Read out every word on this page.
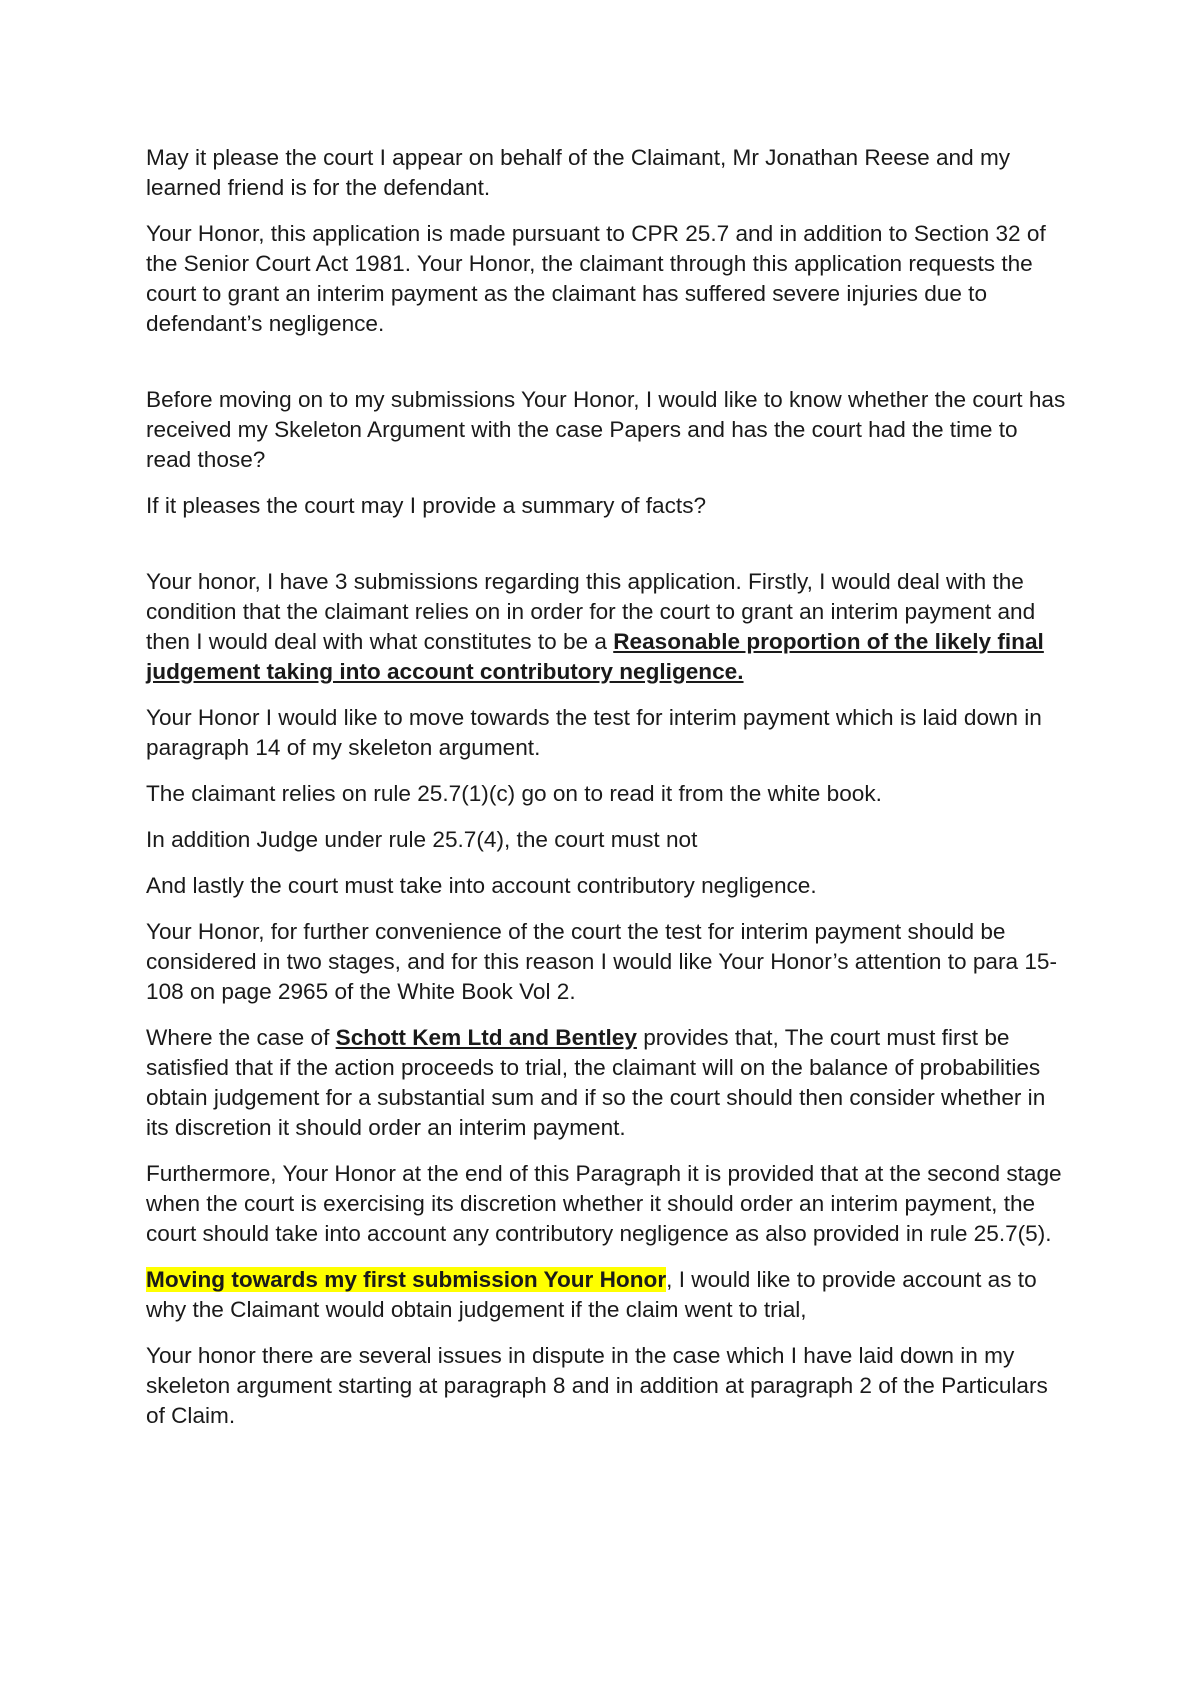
May it please the court I appear on behalf of the Claimant, Mr Jonathan Reese and my learned friend is for the defendant.

Your Honor, this application is made pursuant to CPR 25.7 and in addition to Section 32 of the Senior Court Act 1981. Your Honor, the claimant through this application requests the court to grant an interim payment as the claimant has suffered severe injuries due to defendant’s negligence.

Before moving on to my submissions Your Honor, I would like to know whether the court has received my Skeleton Argument with the case Papers and has the court had the time to read those?

If it pleases the court may I provide a summary of facts?

Your honor, I have 3 submissions regarding this application. Firstly, I would deal with the condition that the claimant relies on in order for the court to grant an interim payment and then I would deal with what constitutes to be a Reasonable proportion of the likely final judgement taking into account contributory negligence.

Your Honor I would like to move towards the test for interim payment which is laid down in paragraph 14 of my skeleton argument.

The claimant relies on rule 25.7(1)(c) go on to read it from the white book.

In addition Judge under rule 25.7(4), the court must not

And lastly the court must take into account contributory negligence.

Your Honor, for further convenience of the court the test for interim payment should be considered in two stages, and for this reason I would like Your Honor’s attention to para 15-108 on page 2965 of the White Book Vol 2.

Where the case of Schott Kem Ltd and Bentley provides that, The court must first be satisfied that if the action proceeds to trial, the claimant will on the balance of probabilities obtain judgement for a substantial sum and if so the court should then consider whether in its discretion it should order an interim payment.

Furthermore, Your Honor at the end of this Paragraph it is provided that at the second stage when the court is exercising its discretion whether it should order an interim payment, the court should take into account any contributory negligence as also provided in rule 25.7(5).

Moving towards my first submission Your Honor, I would like to provide account as to why the Claimant would obtain judgement if the claim went to trial,

Your honor there are several issues in dispute in the case which I have laid down in my skeleton argument starting at paragraph 8 and in addition at paragraph 2 of the Particulars of Claim.
